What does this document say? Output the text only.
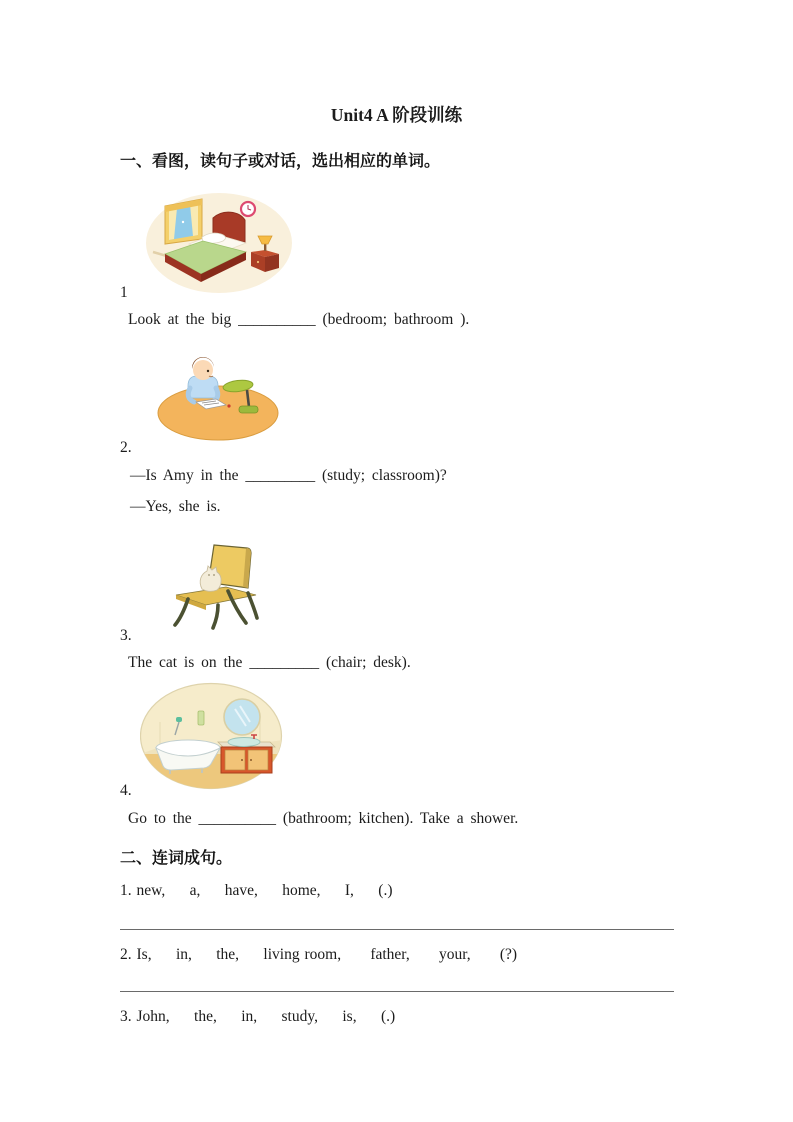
Unit4 A 阶段训练
一、看图，读句子或对话，选出相应的单词。
1
Look at the big __________ (bedroom; bathroom ).
2.
—Is Amy in the _________ (study; classroom)?
—Yes, she is.
3.
The cat is on the _________ (chair; desk).
4.
Go to the __________ (bathroom; kitchen). Take a shower.
二、连词成句。
1. new,     a,     have,     home,     I,     (.)
2. Is,     in,     the,     living room,      father,      your,      (?)
3. John,     the,     in,     study,     is,     (.)
